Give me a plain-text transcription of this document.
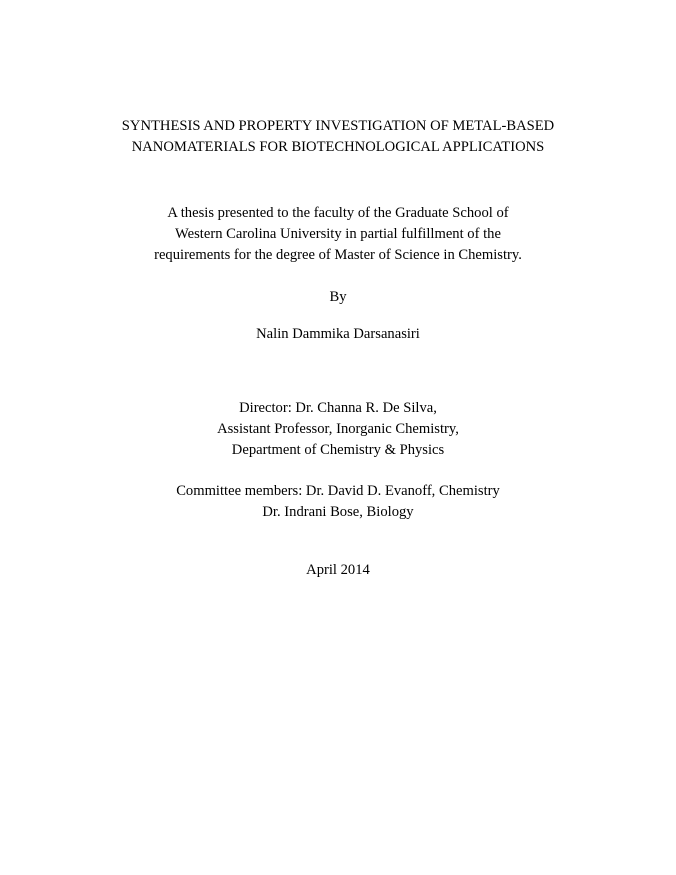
SYNTHESIS AND PROPERTY INVESTIGATION OF METAL-BASED
NANOMATERIALS FOR BIOTECHNOLOGICAL APPLICATIONS
A thesis presented to the faculty of the Graduate School of
Western Carolina University in partial fulfillment of the
requirements for the degree of Master of Science in Chemistry.
By
Nalin Dammika Darsanasiri
Director: Dr. Channa R. De Silva,
Assistant Professor, Inorganic Chemistry,
Department of Chemistry & Physics
Committee members: Dr. David D. Evanoff, Chemistry
Dr. Indrani Bose, Biology
April 2014
